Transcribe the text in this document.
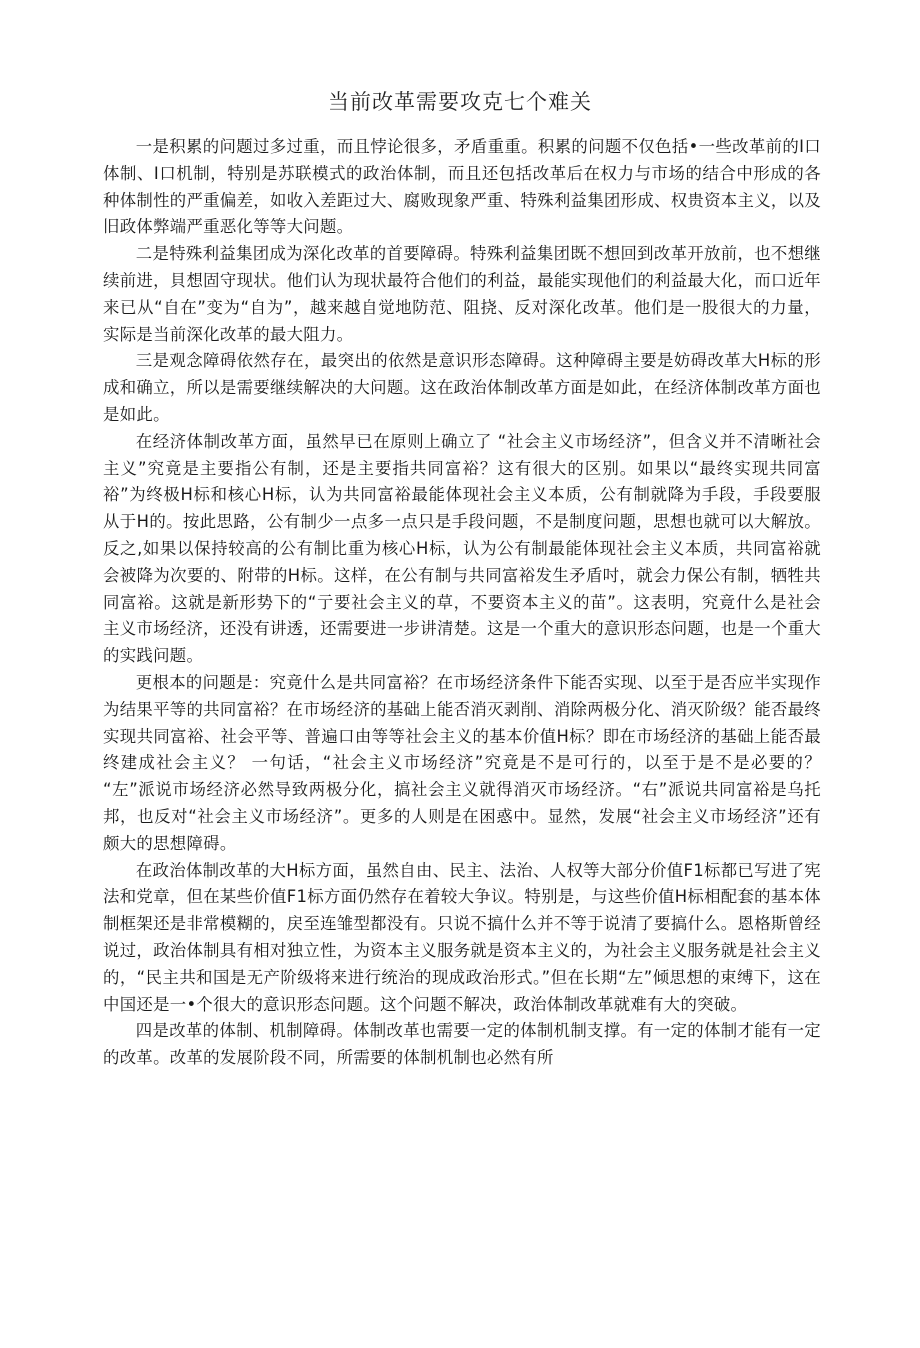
当前改革需要攻克七个难关

一是积累的问题过多过重，而且悖论很多，矛盾重重。积累的问题不仅色括•一些改革前的I口体制、I口机制，特别是苏联模式的政治体制，而且还包括改革后在权力与市场的结合中形成的各种体制性的严重偏差，如收入差距过大、腐败现象严重、特殊利益集团形成、权贵资本主义，以及旧政体弊端严重恶化等等大问题。

二是特殊利益集团成为深化改革的首要障碍。特殊利益集团既不想回到改革开放前，也不想继续前进，貝想固守现状。他们认为现状最符合他们的利益，最能实现他们的利益最大化，而口近年来已从“自在”变为“自为”，越来越自觉地防范、阻挠、反对深化改革。他们是一股很大的力量，实际是当前深化改革的最大阻力。

三是观念障碍依然存在，最突出的依然是意识形态障碍。这种障碍主要是妨碍改革大H标的形成和确立，所以是需要继续解决的大问题。这在政治体制改革方面是如此，在经济体制改革方面也是如此。

在经济体制改革方面，虽然早已在原则上确立了 “社会主义市场经济”，但含义并不清晰社会主义”究竟是主要指公有制，还是主要指共同富裕？这有很大的区别。如果以“最终实现共同富裕”为终极H标和核心H标，认为共同富裕最能体现社会主义本质，公有制就降为手段，手段要服从于H的。按此思路，公有制少一点多一点只是手段问题，不是制度问题，思想也就可以大解放。反之,如果以保持较高的公有制比重为核心H标，认为公有制最能体现社会主义本质，共同富裕就会被降为次要的、附带的H标。这样，在公有制与共同富裕发生矛盾吋，就会力保公有制，牺牲共同富裕。这就是新形势下的“亍要社会主义的草，不要资本主义的苗”。这表明，究竟什么是社会主义市场经济，还没有讲透，还需要进一步讲清楚。这是一个重大的意识形态问题，也是一个重大的实践问题。

更根本的问题是：究竟什么是共同富裕？在市场经济条件下能否实现、以至于是否应半实现作为结果平等的共同富裕？在市场经济的基础上能否消灭剥削、消除两极分化、消灭阶级？能否最终实现共同富裕、社会平等、普遍口由等等社会主义的基本价值H标？即在市场经济的基础上能否最终建成社会主义？ 一句话，“社会主义市场经济”究竟是不是可行的，以至于是不是必要的？ “左”派说市场经济必然导致两极分化，搞社会主义就得消灭市场经济。“右”派说共同富裕是乌托邦，也反对“社会主义市场经济”。更多的人则是在困惑中。显然，发展“社会主义市场经济”还有颇大的思想障碍。

在政治体制改革的大H标方面，虽然自由、民主、法治、人权等大部分价值F1标都已写进了宪法和党章，但在某些价值F1标方面仍然存在着较大争议。特别是，与这些价值H标相配套的基本体制框架还是非常模糊的，戻至连雏型都没有。只说不搞什么并不等于说清了要搞什么。恩格斯曾经说过，政治体制具有相对独立性，为资本主义服务就是资本主义的，为社会主义服务就是社会主义的，“民主共和国是无产阶级将来进行统治的现成政治形式。”但在长期“左”倾思想的束缚下，这在中国还是一•个很大的意识形态问题。这个问题不解决，政治体制改革就难有大的突破。

四是改革的体制、机制障碍。体制改革也需要一定的体制机制支撑。有一定的体制才能有一定的改革。改革的发展阶段不同，所需要的体制机制也必然有所
